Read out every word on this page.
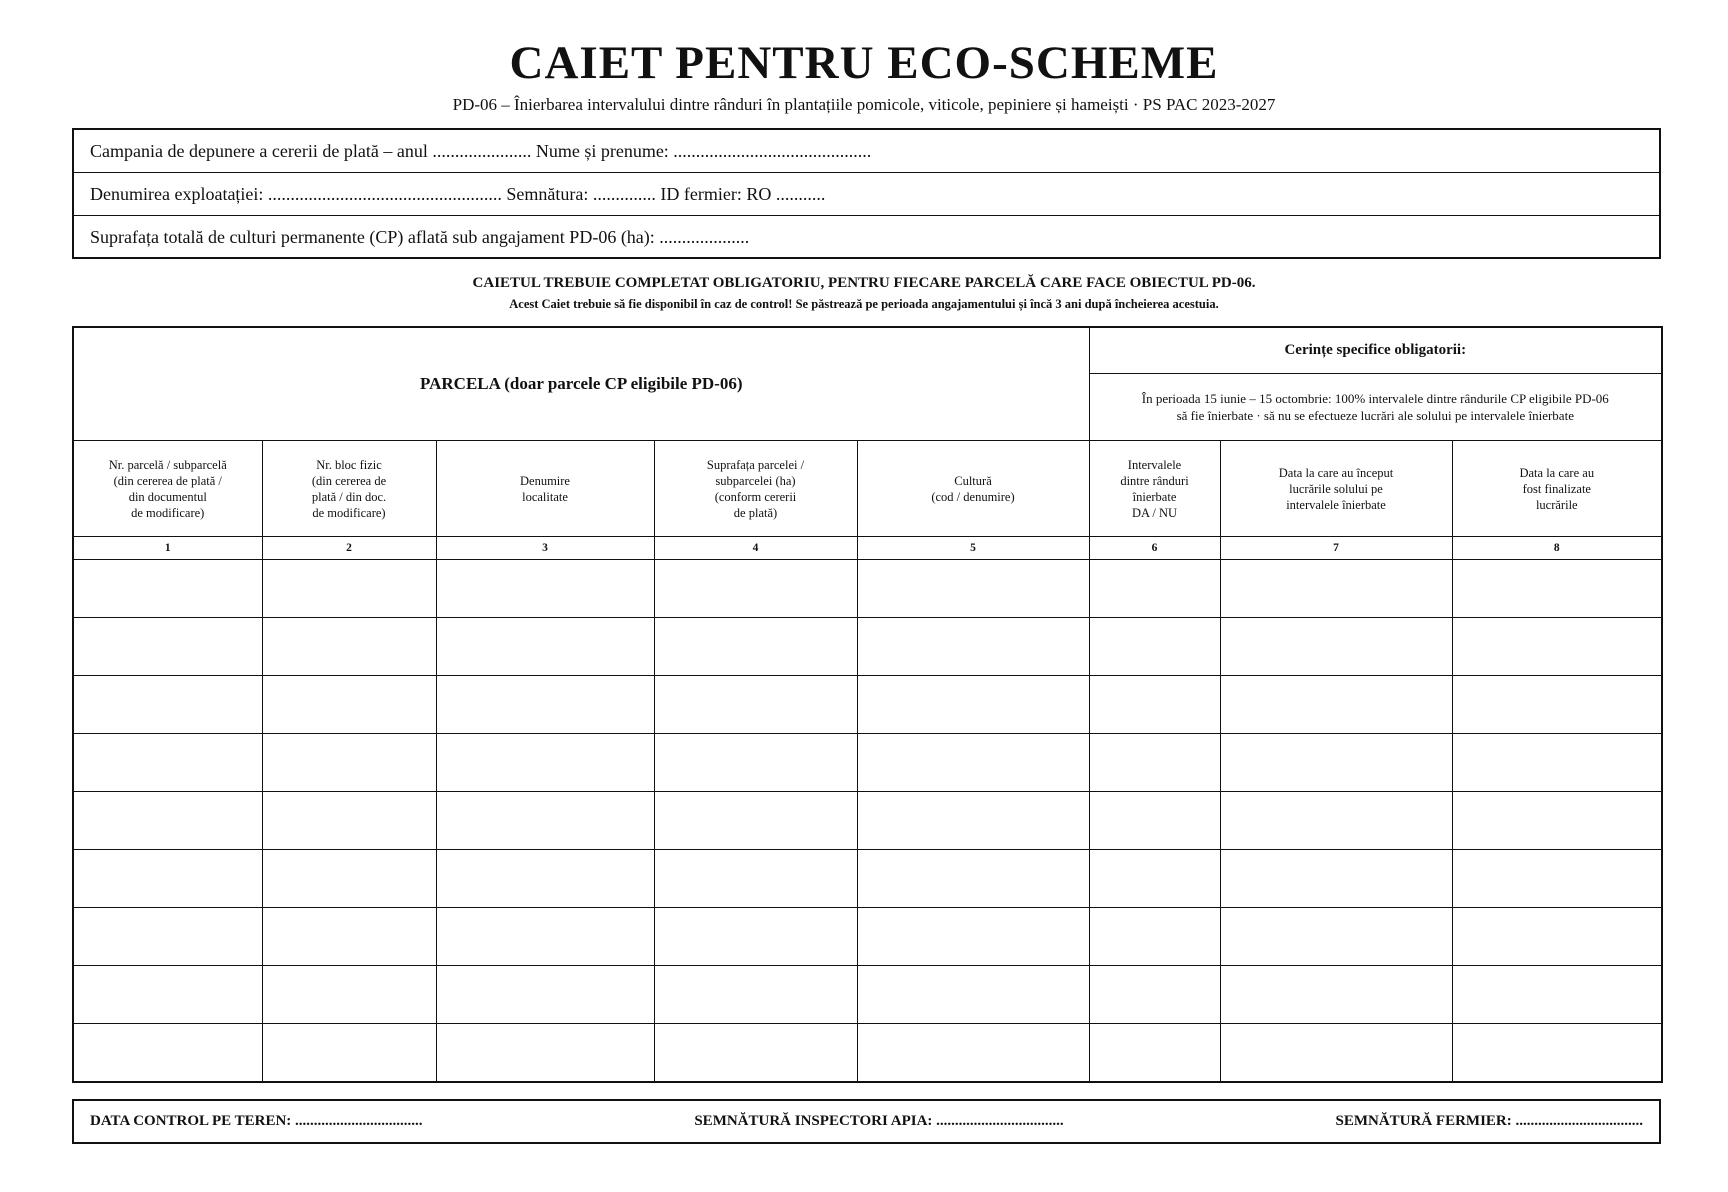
CAIET PENTRU ECO-SCHEME
PD-06 – Înierbarea intervalului dintre rânduri în plantațiile pomicole, viticole, pepiniere și hameiști · PS PAC 2023-2027
Campania de depunere a cererii de plată – anul ...................... Nume și prenume: ............................................
Denumirea exploatației: .................................................... Semnătura: .............. ID fermier: RO ...........
Suprafața totală de culturi permanente (CP) aflată sub angajament PD-06 (ha): ....................
CAIETUL TREBUIE COMPLETAT OBLIGATORIU, PENTRU FIECARE PARCELĂ CARE FACE OBIECTUL PD-06.
Acest Caiet trebuie să fie disponibil în caz de control! Se păstrează pe perioada angajamentului și încă 3 ani după încheierea acestuia.
PARCELA (doar parcele CP eligibile PD-06)					Cerințe specifice obligatorii:		
					În perioada 15 iunie – 15 octombrie: 100% intervalele dintre rândurile CP eligibile PD-06
să fie înierbate · să nu se efectueze lucrări ale solului pe intervalele înierbate		
Nr. parcelă / subparcelă
(din cererea de plată /
din documentul
de modificare)	Nr. bloc fizic
(din cererea de
plată / din doc.
de modificare)	Denumire
localitate	Suprafața parcelei /
subparcelei (ha)
(conform cererii
de plată)	Cultură
(cod / denumire)	Intervalele
dintre rânduri
înierbate
DA / NU	Data la care au început
lucrările solului pe
intervalele înierbate	Data la care au
fost finalizate
lucrările
1	2	3	4	5	6	7	8

DATA CONTROL PE TEREN: ..................................	SEMNĂTURĂ INSPECTORI APIA: ..................................	SEMNĂTURĂ FERMIER: ..................................
